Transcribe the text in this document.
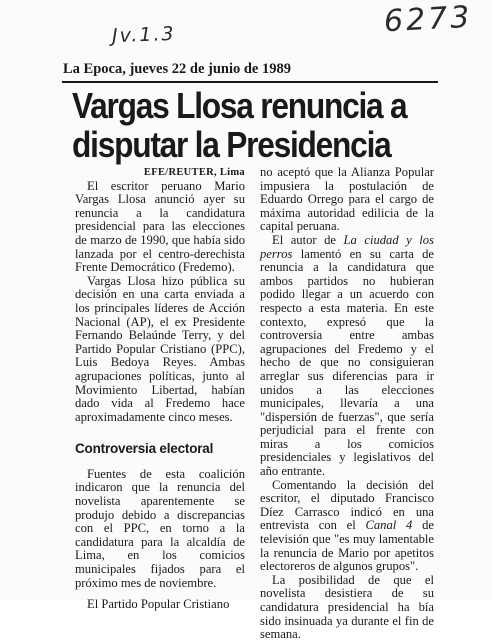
6273
Jv.1.3
La Epoca, jueves 22 de junio de 1989
Vargas Llosa renuncia a disputar la Presidencia

EFE/REUTER, Lima

El escritor peruano Mario Vargas Llosa anunció ayer su renuncia a la candidatura presidencial para las elecciones de marzo de 1990, que había sido lanzada por el centro-derechista Frente Democrático (Fredemo).

Vargas Llosa hizo pública su decisión en una carta enviada a los principales líderes de Acción Nacional (AP), el ex Presidente Fernando Belaúnde Terry, y del Partido Popular Cristiano (PPC), Luis Bedoya Reyes. Ambas agrupaciones políticas, junto al Movimiento Libertad, habían dado vida al Fredemo hace aproximadamente cinco meses.

Controversia electoral

Fuentes de esta coalición indicaron que la renuncia del novelista aparentemente se produjo debido a discrepancias con el PPC, en torno a la candidatura para la alcaldía de Lima, en los comicios municipales fijados para el próximo mes de noviembre.

El Partido Popular Cristiano

no aceptó que la Alianza Popular impusiera la postulación de Eduardo Orrego para el cargo de máxima autoridad edilicia de la capital peruana.

El autor de La ciudad y los perros lamentó en su carta de renuncia a la candidatura que ambos partidos no hubieran podido llegar a un acuerdo con respecto a esta materia. En este contexto, expresó que la controversia entre ambas agrupaciones del Fredemo y el hecho de que no consiguieran arreglar sus diferencias para ir unidos a las elecciones municipales, llevaría a una "dispersión de fuerzas", que sería perjudicial para el frente con miras a los comicios presidenciales y legislativos del año entrante.

Comentando la decisión del escritor, el diputado Francisco Díez Carrasco indicó en una entrevista con el Canal 4 de televisión que "es muy lamentable la renuncia de Mario por apetitos electoreros de algunos grupos".

La posibilidad de que el novelista desistiera de su candidatura presidencial ha bía sido insinuada ya durante el fin de semana.
